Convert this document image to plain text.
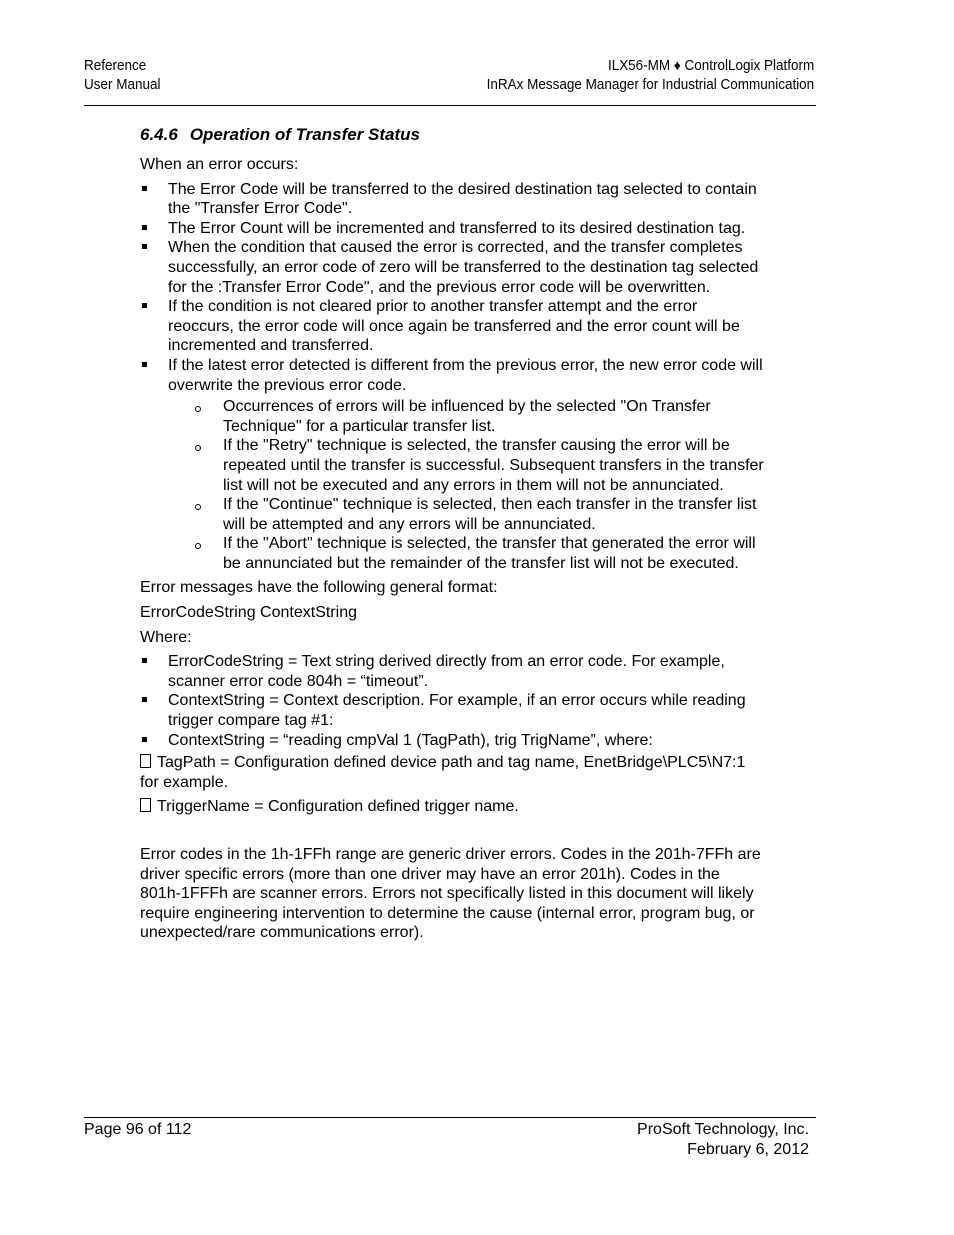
Reference
User Manual
ILX56-MM ♦ ControlLogix Platform
InRAx Message Manager for Industrial Communication
6.4.6 Operation of Transfer Status

When an error occurs:

The Error Code will be transferred to the desired destination tag selected to contain the "Transfer Error Code".
The Error Count will be incremented and transferred to its desired destination tag.
When the condition that caused the error is corrected, and the transfer completes successfully, an error code of zero will be transferred to the destination tag selected for the :Transfer Error Code", and the previous error code will be overwritten.
If the condition is not cleared prior to another transfer attempt and the error reoccurs, the error code will once again be transferred and the error count will be incremented and transferred.
If the latest error detected is different from the previous error, the new error code will overwrite the previous error code.
Occurrences of errors will be influenced by the selected "On Transfer Technique" for a particular transfer list.
If the "Retry" technique is selected, the transfer causing the error will be repeated until the transfer is successful. Subsequent transfers in the transfer list will not be executed and any errors in them will not be annunciated.
If the "Continue" technique is selected, then each transfer in the transfer list will be attempted and any errors will be annunciated.
If the "Abort" technique is selected, the transfer that generated the error will be annunciated but the remainder of the transfer list will not be executed.

Error messages have the following general format:

ErrorCodeString ContextString

Where:

ErrorCodeString = Text string derived directly from an error code. For example, scanner error code 804h = “timeout”.
ContextString = Context description. For example, if an error occurs while reading trigger compare tag #1:
ContextString = “reading cmpVal 1 (TagPath), trig TrigName”, where:
TagPath = Configuration defined device path and tag name, EnetBridge\PLC5\N7:1 for example.
TriggerName = Configuration defined trigger name.

Error codes in the 1h-1FFh range are generic driver errors. Codes in the 201h-7FFh are driver specific errors (more than one driver may have an error 201h). Codes in the 801h-1FFFh are scanner errors. Errors not specifically listed in this document will likely require engineering intervention to determine the cause (internal error, program bug, or unexpected/rare communications error).

Page 96 of 112	ProSoft Technology, Inc.
February 6, 2012
